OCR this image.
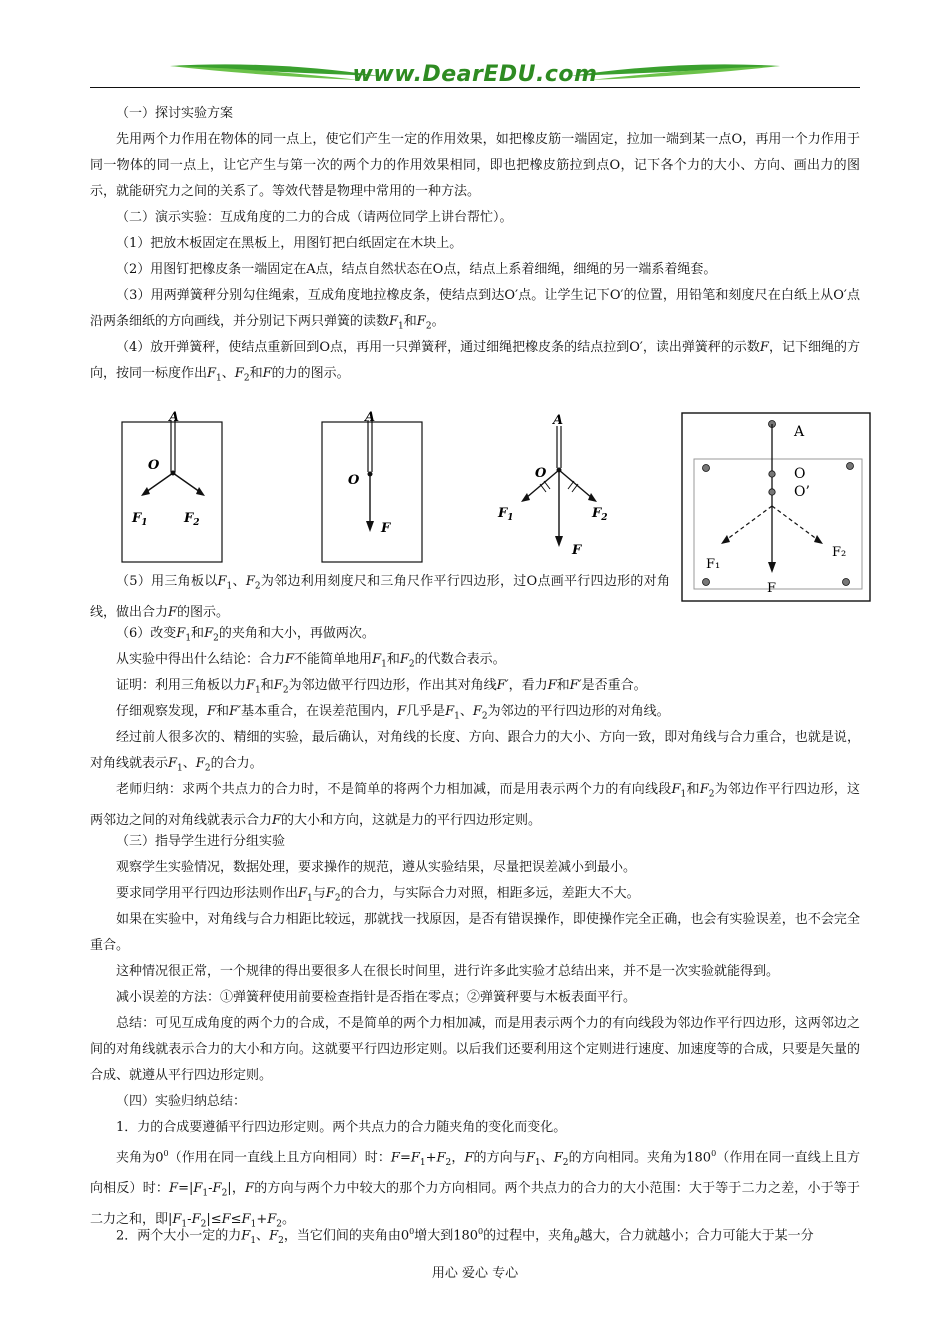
www.DearEDU.com

（一）探讨实验方案

先用两个力作用在物体的同一点上，使它们产生一定的作用效果，如把橡皮筋一端固定，拉加一端到某一点O，再用一个力作用于同一物体的同一点上，让它产生与第一次的两个力的作用效果相同，即也把橡皮筋拉到点O，记下各个力的大小、方向、画出力的图示，就能研究力之间的关系了。等效代替是物理中常用的一种方法。

（二）演示实验：互成角度的二力的合成（请两位同学上讲台帮忙）。

（1）把放木板固定在黑板上，用图钉把白纸固定在木块上。

（2）用图钉把橡皮条一端固定在A点，结点自然状态在O点，结点上系着细绳，细绳的另一端系着绳套。

（3）用两弹簧秤分别勾住绳索，互成角度地拉橡皮条，使结点到达O′点。让学生记下O′的位置，用铅笔和刻度尺在白纸上从O′点沿两条细纸的方向画线，并分别记下两只弹簧的读数$F_1$和$F_2$。

（4）放开弹簧秤，使结点重新回到O点，再用一只弹簧秤，通过细绳把橡皮条的结点拉到O′，读出弹簧秤的示数F，记下细绳的方向，按同一标度作出$F_1$、$F_2$和F的力的图示。

A
O
$F_1$	$F_2$
A
O
F
A
O
$F_1$	$F_2$
F
A
O
O’
F₁
F₂
F

（5）用三角板以$F_1$、$F_2$为邻边利用刻度尺和三角尺作平行四边形，过O点画平行四边形的对角线，做出合力F的图示。

（6）改变$F_1$和$F_2$的夹角和大小，再做两次。

从实验中得出什么结论：合力F不能简单地用$F_1$和$F_2$的代数合表示。

证明：利用三角板以力$F_1$和$F_2$为邻边做平行四边形，作出其对角线F′，看力F和F′是否重合。

仔细观察发现，F和F′基本重合，在误差范围内，F几乎是$F_1$、$F_2$为邻边的平行四边形的对角线。

经过前人很多次的、精细的实验，最后确认，对角线的长度、方向、跟合力的大小、方向一致，即对角线与合力重合，也就是说，对角线就表示$F_1$、$F_2$的合力。

老师归纳：求两个共点力的合力时，不是简单的将两个力相加减，而是用表示两个力的有向线段$F_1$和$F_2$为邻边作平行四边形，这两邻边之间的对角线就表示合力F的大小和方向，这就是力的平行四边形定则。

（三）指导学生进行分组实验

观察学生实验情况，数据处理，要求操作的规范，遵从实验结果，尽量把误差减小到最小。

要求同学用平行四边形法则作出$F_1$与$F_2$的合力，与实际合力对照，相距多远，差距大不大。

如果在实验中，对角线与合力相距比较远，那就找一找原因，是否有错误操作，即使操作完全正确，也会有实验误差，也不会完全重合。

这种情况很正常，一个规律的得出要很多人在很长时间里，进行许多此实验才总结出来，并不是一次实验就能得到。

减小误差的方法：①弹簧秤使用前要检查指针是否指在零点；②弹簧秤要与木板表面平行。

总结：可见互成角度的两个力的合成，不是简单的两个力相加减，而是用表示两个力的有向线段为邻边作平行四边形，这两邻边之间的对角线就表示合力的大小和方向。这就要平行四边形定则。以后我们还要利用这个定则进行速度、加速度等的合成，只要是矢量的合成、就遵从平行四边形定则。

（四）实验归纳总结：

1．力的合成要遵循平行四边形定则。两个共点力的合力随夹角的变化而变化。

夹角为$0^0$（作用在同一直线上且方向相同）时：$F=F_1+F_2$，F的方向与$F_1$、$F_2$的方向相同。夹角为$180^0$（作用在同一直线上且方向相反）时：$F=|F_1-F_2|$，F的方向与两个力中较大的那个力方向相同。两个共点力的合力的大小范围：大于等于二力之差，小于等于二力之和，即$|F_1-F_2|\le F\le F_1+F_2$。

2．两个大小一定的力$F_1$、$F_2$，当它们间的夹角由$0^0$增大到$180^0$的过程中，夹角$_\theta$越大，合力就越小；合力可能大于某一分

用心 爱心 专心
